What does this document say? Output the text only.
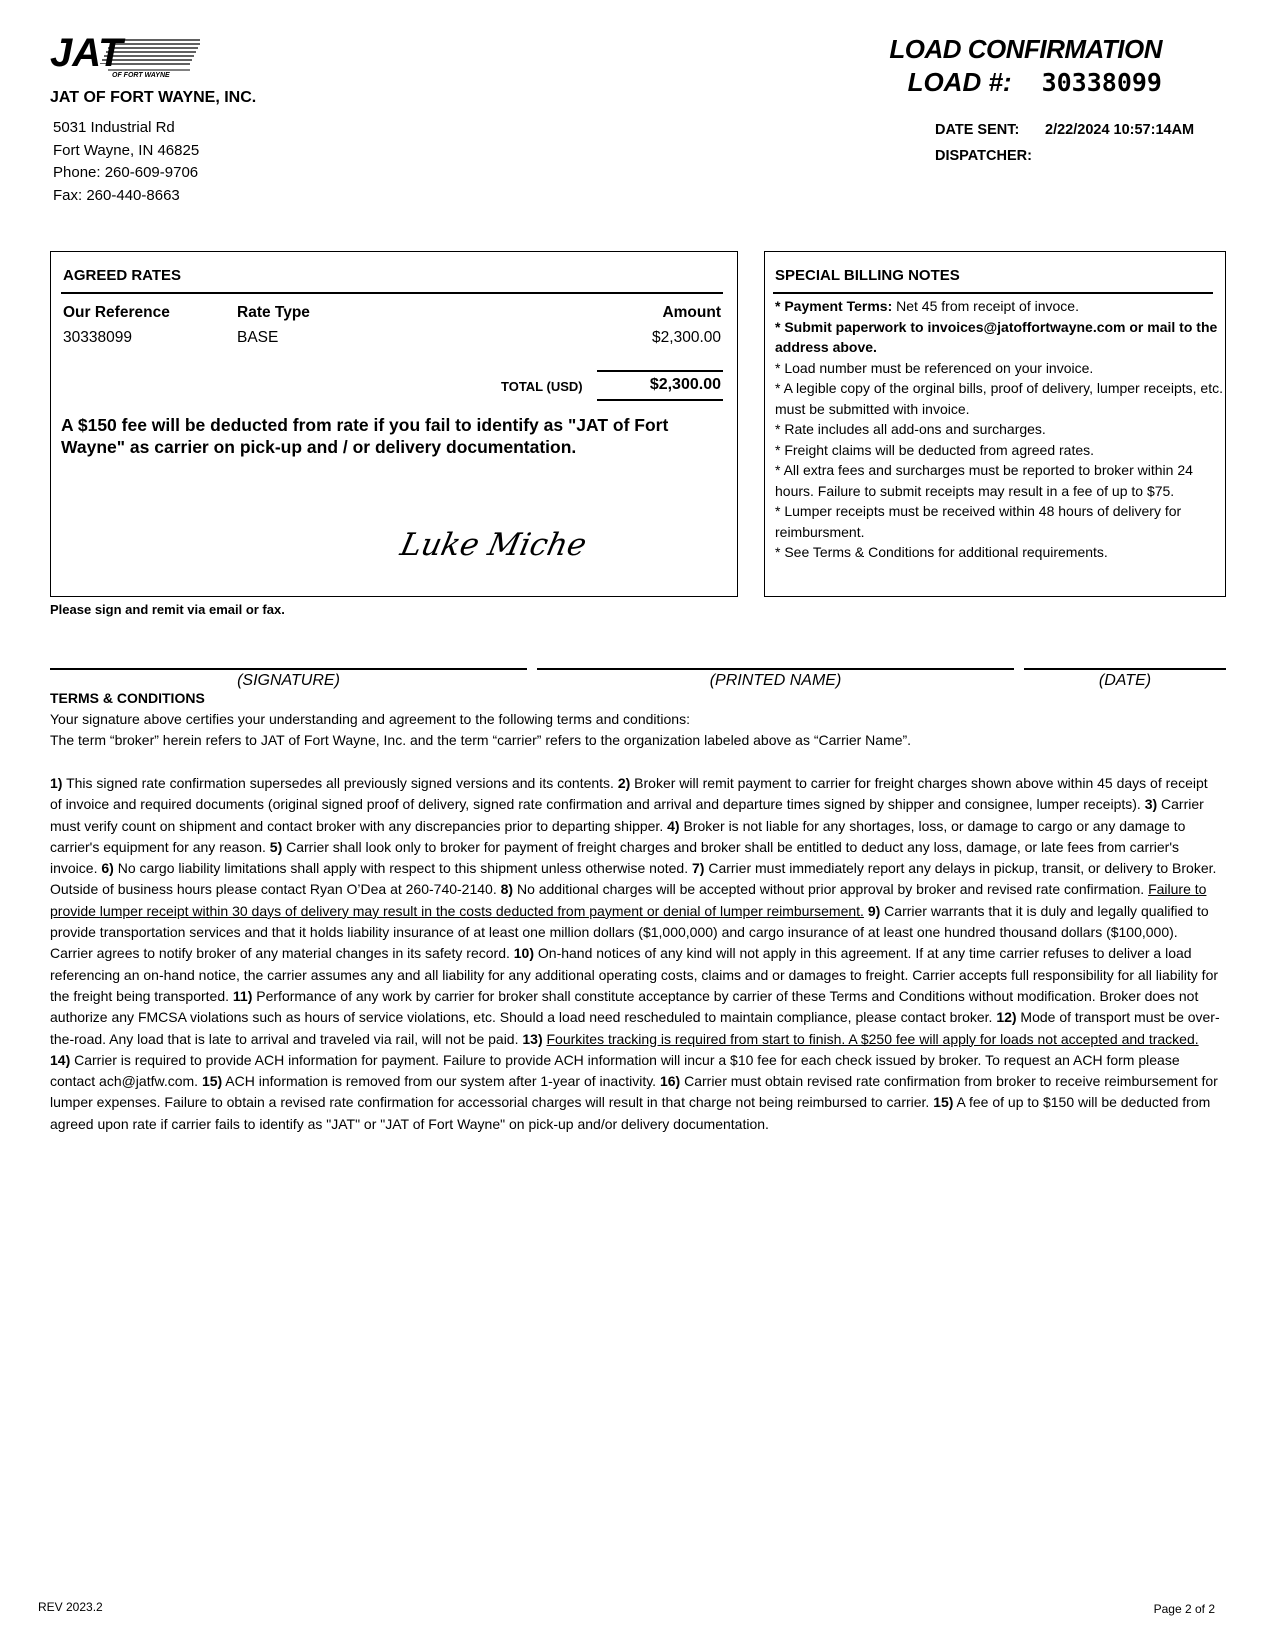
JAT
OF FORT WAYNE
JAT OF FORT WAYNE, INC.
5031 Industrial Rd
Fort Wayne, IN 46825
Phone: 260-609-9706
Fax: 260-440-8663
LOAD CONFIRMATION
LOAD #: 30338099
DATE SENT: 2/22/2024 10:57:14AM
DISPATCHER:
AGREED RATES
Our Reference	Rate Type	Amount
30338099	BASE	$2,300.00
TOTAL (USD)	$2,300.00
A $150 fee will be deducted from rate if you fail to identify as "JAT of Fort Wayne" as carrier on pick-up and / or delivery documentation.
Luke Miche
SPECIAL BILLING NOTES

* Payment Terms: Net 45 from receipt of invoce.

* Submit paperwork to invoices@jatoffortwayne.com or mail to the address above.

* Load number must be referenced on your invoice.

* A legible copy of the orginal bills, proof of delivery, lumper receipts, etc. must be submitted with invoice.

* Rate includes all add-ons and surcharges.

* Freight claims will be deducted from agreed rates.

* All extra fees and surcharges must be reported to broker within 24 hours. Failure to submit receipts may result in a fee of up to $75.

* Lumper receipts must be received within 48 hours of delivery for reimbursment.

* See Terms & Conditions for additional requirements.

Please sign and remit via email or fax.
(SIGNATURE)	(PRINTED NAME)	(DATE)
TERMS & CONDITIONS

Your signature above certifies your understanding and agreement to the following terms and conditions:

The term “broker” herein refers to JAT of Fort Wayne, Inc. and the term “carrier” refers to the organization labeled above as “Carrier Name”.

1) This signed rate confirmation supersedes all previously signed versions and its contents. 2) Broker will remit payment to carrier for freight charges shown above within 45 days of receipt of invoice and required documents (original signed proof of delivery, signed rate confirmation and arrival and departure times signed by shipper and consignee, lumper receipts). 3) Carrier must verify count on shipment and contact broker with any discrepancies prior to departing shipper. 4) Broker is not liable for any shortages, loss, or damage to cargo or any damage to carrier's equipment for any reason. 5) Carrier shall look only to broker for payment of freight charges and broker shall be entitled to deduct any loss, damage, or late fees from carrier's invoice. 6) No cargo liability limitations shall apply with respect to this shipment unless otherwise noted. 7) Carrier must immediately report any delays in pickup, transit, or delivery to Broker. Outside of business hours please contact Ryan O’Dea at 260-740-2140. 8) No additional charges will be accepted without prior approval by broker and revised rate confirmation. Failure to provide lumper receipt within 30 days of delivery may result in the costs deducted from payment or denial of lumper reimbursement. 9) Carrier warrants that it is duly and legally qualified to provide transportation services and that it holds liability insurance of at least one million dollars ($1,000,000) and cargo insurance of at least one hundred thousand dollars ($100,000). Carrier agrees to notify broker of any material changes in its safety record. 10) On-hand notices of any kind will not apply in this agreement. If at any time carrier refuses to deliver a load referencing an on-hand notice, the carrier assumes any and all liability for any additional operating costs, claims and or damages to freight. Carrier accepts full responsibility for all liability for the freight being transported. 11) Performance of any work by carrier for broker shall constitute acceptance by carrier of these Terms and Conditions without modification. Broker does not authorize any FMCSA violations such as hours of service violations, etc. Should a load need rescheduled to maintain compliance, please contact broker. 12) Mode of transport must be over-the-road. Any load that is late to arrival and traveled via rail, will not be paid. 13) Fourkites tracking is required from start to finish. A $250 fee will apply for loads not accepted and tracked. 14) Carrier is required to provide ACH information for payment. Failure to provide ACH information will incur a $10 fee for each check issued by broker. To request an ACH form please contact ach@jatfw.com. 15) ACH information is removed from our system after 1-year of inactivity. 16) Carrier must obtain revised rate confirmation from broker to receive reimbursement for lumper expenses. Failure to obtain a revised rate confirmation for accessorial charges will result in that charge not being reimbursed to carrier. 15) A fee of up to $150 will be deducted from agreed upon rate if carrier fails to identify as "JAT" or "JAT of Fort Wayne" on pick-up and/or delivery documentation.

REV 2023.2	Page 2 of 2
